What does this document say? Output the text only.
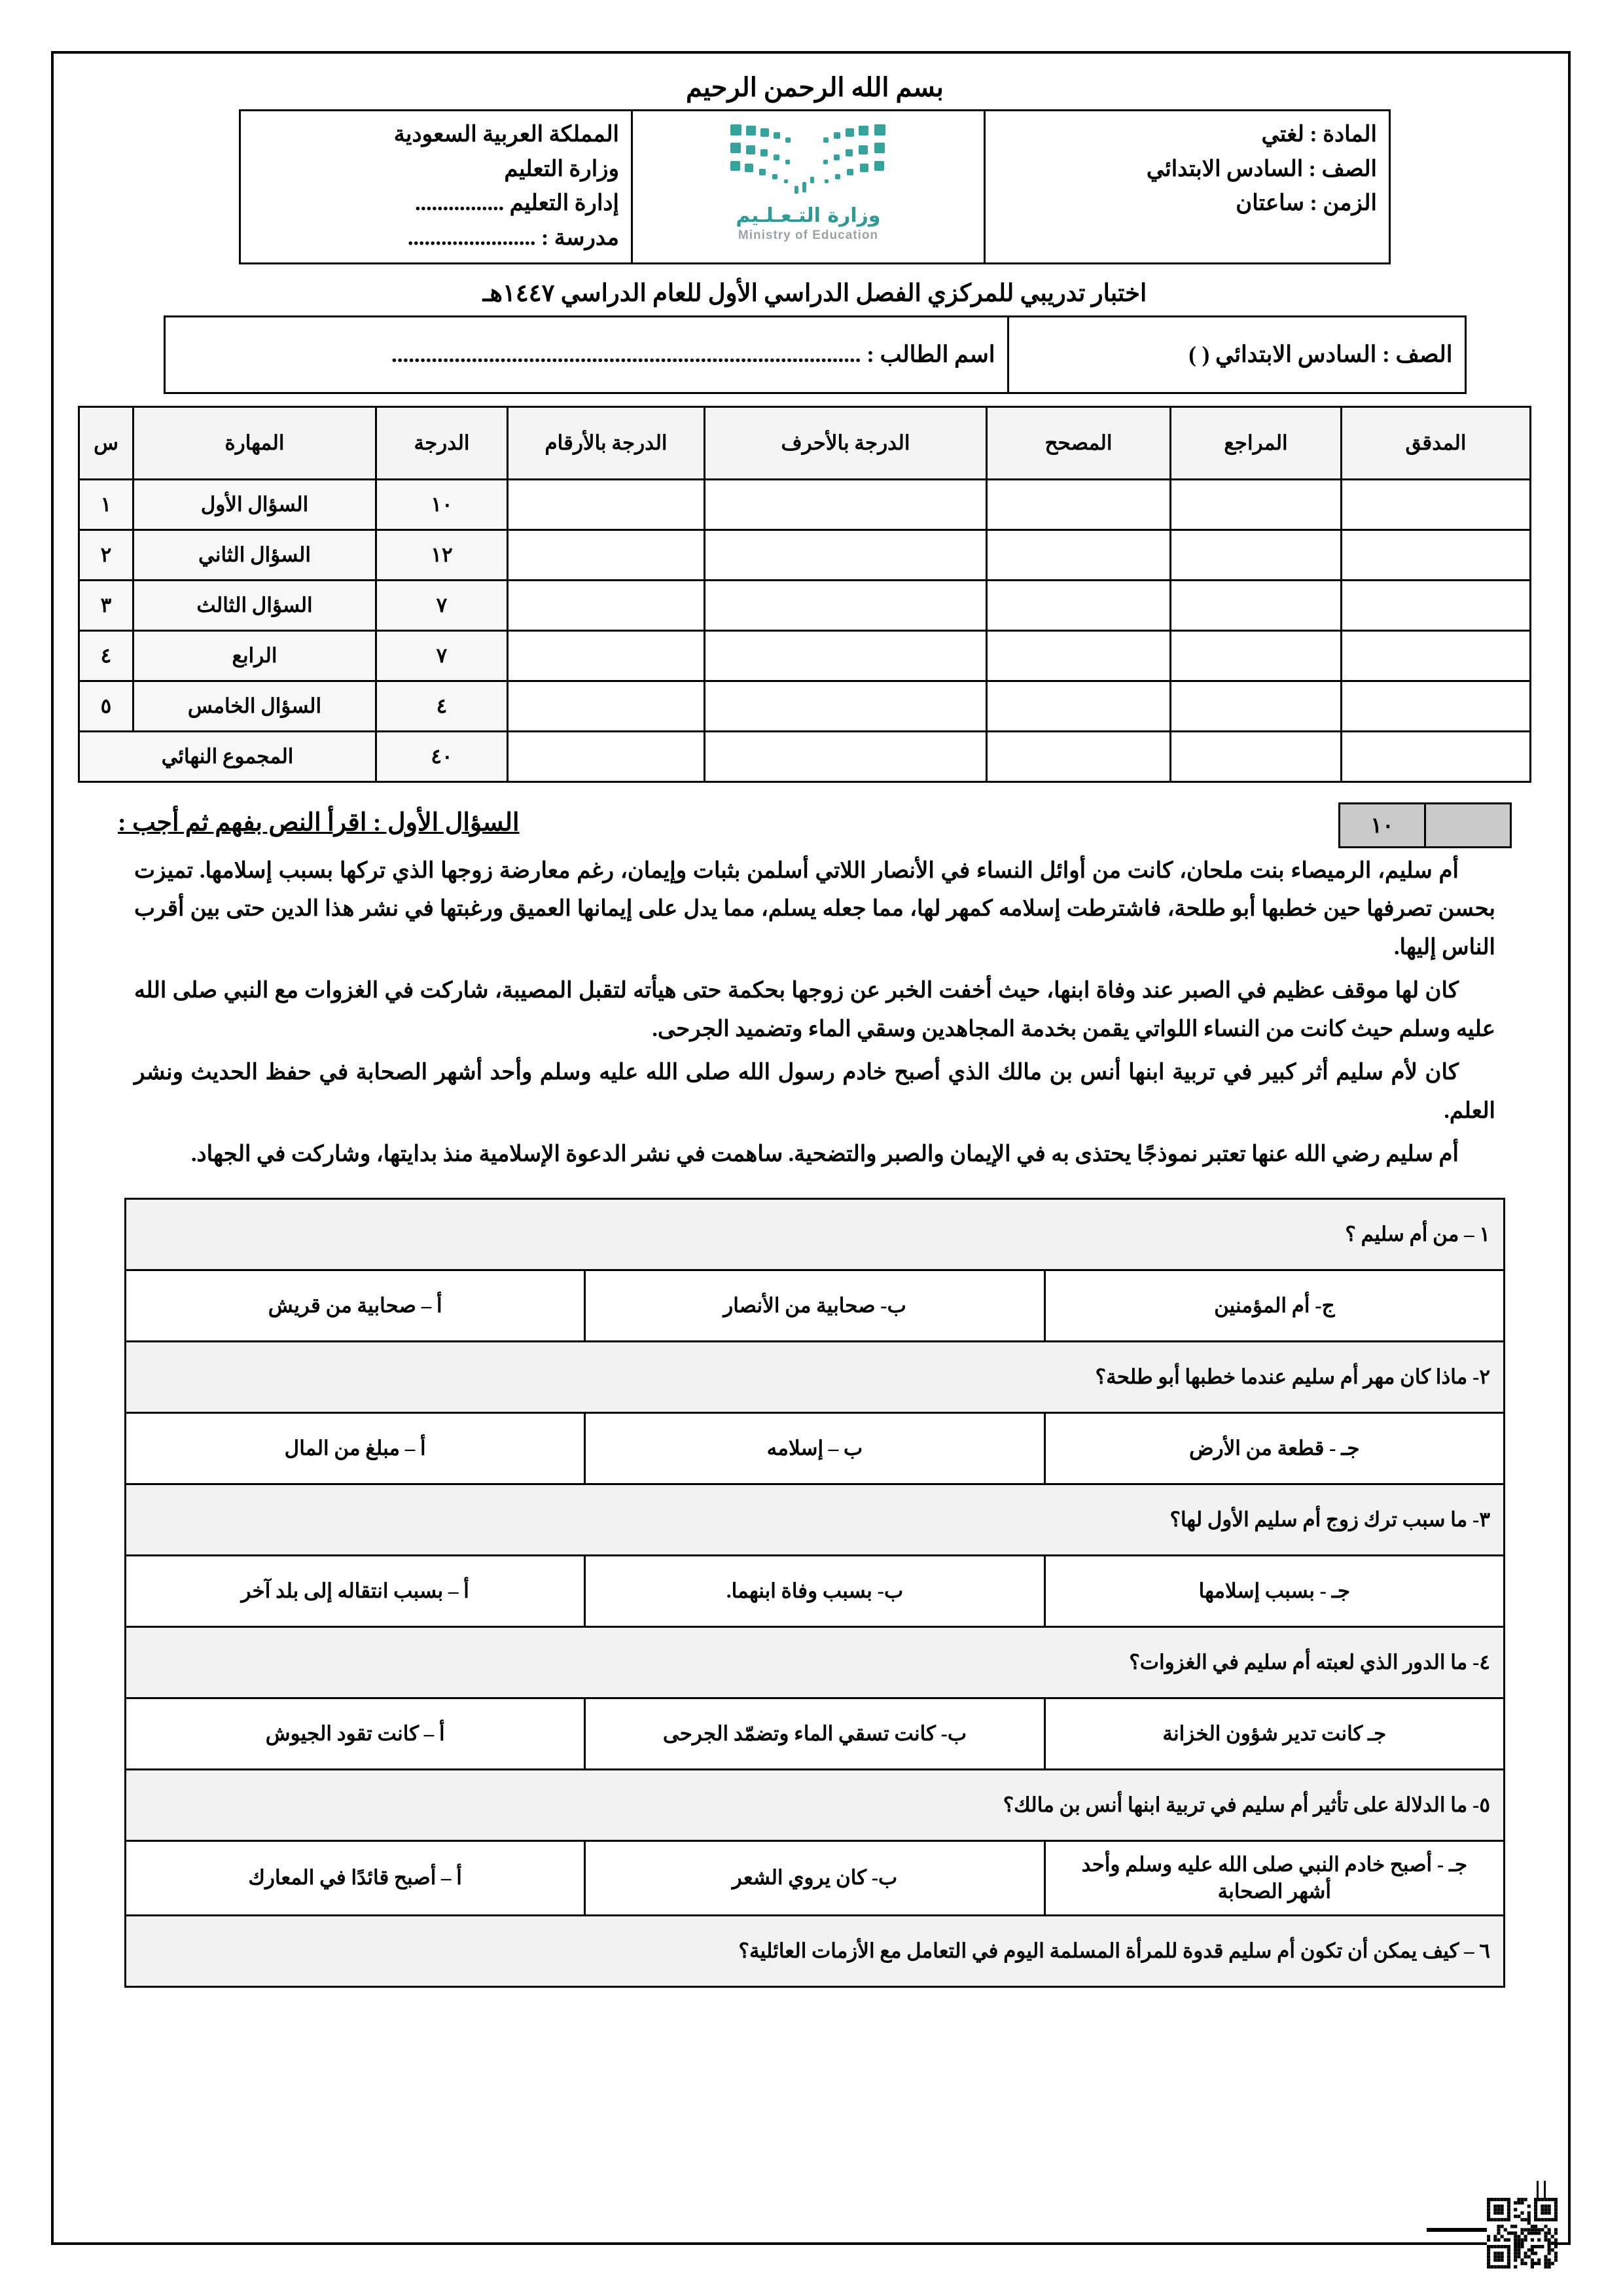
بسم الله الرحمن الرحيم
المادة : لغتي
الصف : السادس الابتدائي
الزمن : ساعتان

وزارة التـعـلـيم
Ministry of Education

المملكة العربية السعودية
وزارة التعليم
إدارة التعليم ................
مدرسة : .......................
اختبار تدريبي للمركزي الفصل الدراسي الأول للعام الدراسي ١٤٤٧هـ
الصف : السادس الابتدائي ( )	اسم الطالب : ..................................................................................
المدقق	المراجع	المصحح	الدرجة بالأحرف	الدرجة بالأرقام	الدرجة	المهارة	س
					١٠	السؤال الأول	١
					١٢	السؤال الثاني	٢
					٧	السؤال الثالث	٣
					٧	الرابع	٤
					٤	السؤال الخامس	٥
					٤٠	المجموع النهائي	
١٠
السؤال الأول : اقرأ النص بفهم ثم أجب :

أم سليم، الرميصاء بنت ملحان، كانت من أوائل النساء في الأنصار اللاتي أسلمن بثبات وإيمان، رغم معارضة زوجها الذي تركها بسبب إسلامها. تميزت بحسن تصرفها حين خطبها أبو طلحة، فاشترطت إسلامه كمهر لها، مما جعله يسلم، مما يدل على إيمانها العميق ورغبتها في نشر هذا الدين حتى بين أقرب الناس إليها.

كان لها موقف عظيم في الصبر عند وفاة ابنها، حيث أخفت الخبر عن زوجها بحكمة حتى هيأته لتقبل المصيبة، شاركت في الغزوات مع النبي صلى الله عليه وسلم حيث كانت من النساء اللواتي يقمن بخدمة المجاهدين وسقي الماء وتضميد الجرحى.

كان لأم سليم أثر كبير في تربية ابنها أنس بن مالك الذي أصبح خادم رسول الله صلى الله عليه وسلم وأحد أشهر الصحابة في حفظ الحديث ونشر العلم.

أم سليم رضي الله عنها تعتبر نموذجًا يحتذى به في الإيمان والصبر والتضحية. ساهمت في نشر الدعوة الإسلامية منذ بدايتها، وشاركت في الجهاد.

١ – من أم سليم ؟		
ج- أم المؤمنين	ب- صحابية من الأنصار	أ – صحابية من قريش
٢- ماذا كان مهر أم سليم عندما خطبها أبو طلحة؟		
جـ - قطعة من الأرض	ب – إسلامه	أ – مبلغ من المال
٣- ما سبب ترك زوج أم سليم الأول لها؟		
جـ - بسبب إسلامها	ب- بسبب وفاة ابنهما.	أ – بسبب انتقاله إلى بلد آخر
٤- ما الدور الذي لعبته أم سليم في الغزوات؟		
جـ كانت تدير شؤون الخزانة	ب- كانت تسقي الماء وتضمّد الجرحى	أ – كانت تقود الجيوش
٥- ما الدلالة على تأثير أم سليم في تربية ابنها أنس بن مالك؟		
جـ - أصبح خادم النبي صلى الله عليه وسلم وأحد أشهر الصحابة	ب- كان يروي الشعر	أ – أصبح قائدًا في المعارك
٦ – كيف يمكن أن تكون أم سليم قدوة للمرأة المسلمة اليوم في التعامل مع الأزمات العائلية؟		
